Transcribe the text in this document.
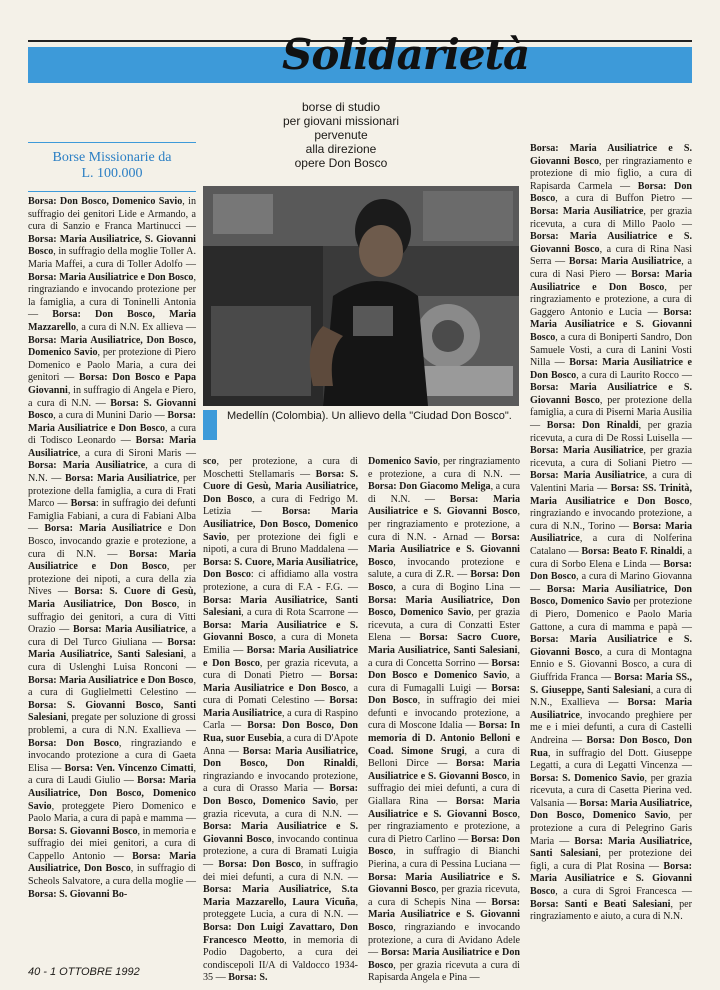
Solidarietà
borse di studio
per giovani missionari
pervenute
alla direzione
opere Don Bosco
Borse Missionarie da
L. 100.000
Borsa: Don Bosco, Domenico Savio, in suffragio dei genitori Lide e Armando, a cura di Sanzio e Franca Martinucci — Borsa: Maria Ausiliatrice, S. Giovanni Bosco, in suffragio della moglie Toller A. Maria Maffei, a cura di Toller Adolfo — Borsa: Maria Ausiliatrice e Don Bosco, ringraziando e invocando protezione per la famiglia, a cura di Toninelli Antonia — Borsa: Don Bosco, Maria Mazzarello, a cura di N.N. Ex allieva — Borsa: Maria Ausiliatrice, Don Bosco, Domenico Savio, per protezione di Piero Domenico e Paolo Maria, a cura dei genitori — Borsa: Don Bosco e Papa Giovanni, in suffragio di Angela e Piero, a cura di N.N. — Borsa: S. Giovanni Bosco, a cura di Munini Dario — Borsa: Maria Ausiliatrice e Don Bosco, a cura di Todisco Leonardo — Borsa: Maria Ausiliatrice, a cura di Sironi Maris — Borsa: Maria Ausiliatrice, a cura di N.N. — Borsa: Maria Ausiliatrice, per protezione della famiglia, a cura di Frati Marco — Borsa: in suffragio dei defunti Famiglia Fabiani, a cura di Fabiani Alba — Borsa: Maria Ausiliatrice e Don Bosco, invocando grazie e protezione, a cura di N.N. — Borsa: Maria Ausiliatrice e Don Bosco, per protezione dei nipoti, a cura della zia Nives — Borsa: S. Cuore di Gesù, Maria Ausiliatrice, Don Bosco, in suffragio dei genitori, a cura di Vitti Orazio — Borsa: Maria Ausiliatrice, a cura di Del Turco Giuliana — Borsa: Maria Ausiliatrice, Santi Salesiani, a cura di Uslenghi Luisa Ronconi — Borsa: Maria Ausiliatrice e Don Bosco, a cura di Guglielmetti Celestino — Borsa: S. Giovanni Bosco, Santi Salesiani, pregate per soluzione di grossi problemi, a cura di N.N. Exallieva — Borsa: Don Bosco, ringraziando e invocando protezione a cura di Gaeta Elisa — Borsa: Ven. Vincenzo Cimatti, a cura di Laudi Giulio — Borsa: Maria Ausiliatrice, Don Bosco, Domenico Savio, proteggete Piero Domenico e Paolo Maria, a cura di papà e mamma — Borsa: S. Giovanni Bosco, in memoria e suffragio dei miei genitori, a cura di Cappello Antonio — Borsa: Maria Ausiliatrice, Don Bosco, in suffragio di Scheols Salvatore, a cura della moglie — Borsa: S. Giovanni Bo-
sco, per protezione, a cura di Moschetti Stellamaris — Borsa: S. Cuore di Gesù, Maria Ausiliatrice, Don Bosco, a cura di Fedrigo M. Letizia — Borsa: Maria Ausiliatrice, Don Bosco, Domenico Savio, per protezione dei figli e nipoti, a cura di Bruno Maddalena — Borsa: S. Cuore, Maria Ausiliatrice, Don Bosco: ci affidiamo alla vostra protezione, a cura di F.A - F.G. — Borsa: Maria Ausiliatrice, Santi Salesiani, a cura di Rota Scarrone — Borsa: Maria Ausiliatrice e S. Giovanni Bosco, a cura di Moneta Emilia — Borsa: Maria Ausiliatrice e Don Bosco, per grazia ricevuta, a cura di Donati Pietro — Borsa: Maria Ausiliatrice e Don Bosco, a cura di Pomati Celestino — Borsa: Maria Ausiliatrice, a cura di Raspino Carla — Borsa: Don Bosco, Don Rua, suor Eusebia, a cura di D'Apote Anna — Borsa: Maria Ausiliatrice, Don Bosco, Don Rinaldi, ringraziando e invocando protezione, a cura di Orasso Maria — Borsa: Don Bosco, Domenico Savio, per grazia ricevuta, a cura di N.N. — Borsa: Maria Ausiliatrice e S. Giovanni Bosco, invocando continua protezione, a cura di Bramati Luigia — Borsa: Don Bosco, in suffragio dei miei defunti, a cura di N.N. — Borsa: Maria Ausiliatrice, S.ta Maria Mazzarello, Laura Vicuña, proteggete Lucia, a cura di N.N. — Borsa: Don Luigi Zavattaro, Don Francesco Meotto, in memoria di Podio Dagoberto, a cura dei condiscepoli II/A di Valdocco 1934-35 — Borsa: S.
Domenico Savio, per ringraziamento e protezione, a cura di N.N. — Borsa: Don Giacomo Meliga, a cura di N.N. — Borsa: Maria Ausiliatrice e S. Giovanni Bosco, per ringraziamento e protezione, a cura di N.N. - Arnad — Borsa: Maria Ausiliatrice e S. Giovanni Bosco, invocando protezione e salute, a cura di Z.R. — Borsa: Don Bosco, a cura di Bogino Lina — Borsa: Maria Ausiliatrice, Don Bosco, Domenico Savio, per grazia ricevuta, a cura di Conzatti Ester Elena — Borsa: Sacro Cuore, Maria Ausiliatrice, Santi Salesiani, a cura di Concetta Sorrino — Borsa: Don Bosco e Domenico Savio, a cura di Fumagalli Luigi — Borsa: Don Bosco, in suffragio dei miei defunti e invocando protezione, a cura di Moscone Idalia — Borsa: In memoria di D. Antonio Belloni e Coad. Simone Srugi, a cura di Belloni Dirce — Borsa: Maria Ausiliatrice e S. Giovanni Bosco, in suffragio dei miei defunti, a cura di Giallara Rina — Borsa: Maria Ausiliatrice e S. Giovanni Bosco, per ringraziamento e protezione, a cura di Pietro Carlino — Borsa: Don Bosco, in suffragio di Bianchi Pierina, a cura di Pessina Luciana — Borsa: Maria Ausiliatrice e S. Giovanni Bosco, per grazia ricevuta, a cura di Schepis Nina — Borsa: Maria Ausiliatrice e S. Giovanni Bosco, ringraziando e invocando protezione, a cura di Avidano Adele — Borsa: Maria Ausiliatrice e Don Bosco, per grazia ricevuta a cura di Rapisarda Angela e Pina —
Borsa: Maria Ausiliatrice e S. Giovanni Bosco, per ringraziamento e protezione di mio figlio, a cura di Rapisarda Carmela — Borsa: Don Bosco, a cura di Buffon Pietro — Borsa: Maria Ausiliatrice, per grazia ricevuta, a cura di Millo Paolo — Borsa: Maria Ausiliatrice e S. Giovanni Bosco, a cura di Rina Nasi Serra — Borsa: Maria Ausiliatrice, a cura di Nasi Piero — Borsa: Maria Ausiliatrice e Don Bosco, per ringraziamento e protezione, a cura di Gaggero Antonio e Lucia — Borsa: Maria Ausiliatrice e S. Giovanni Bosco, a cura di Boniperti Sandro, Don Samuele Vosti, a cura di Lanini Vosti Nilla — Borsa: Maria Ausiliatrice e Don Bosco, a cura di Laurito Rocco — Borsa: Maria Ausiliatrice e S. Giovanni Bosco, per protezione della famiglia, a cura di Piserni Maria Ausilia — Borsa: Don Rinaldi, per grazia ricevuta, a cura di De Rossi Luisella — Borsa: Maria Ausiliatrice, per grazia ricevuta, a cura di Soliani Pietro — Borsa: Maria Ausiliatrice, a cura di Valentini Maria — Borsa: SS. Trinità, Maria Ausiliatrice e Don Bosco, ringraziando e invocando protezione, a cura di N.N., Torino — Borsa: Maria Ausiliatrice, a cura di Nolferina Catalano — Borsa: Beato F. Rinaldi, a cura di Sorbo Elena e Linda — Borsa: Don Bosco, a cura di Marino Giovanna — Borsa: Maria Ausiliatrice, Don Bosco, Domenico Savio per protezione di Piero, Domenico e Paolo Maria Gattone, a cura di mamma e papà — Borsa: Maria Ausiliatrice e S. Giovanni Bosco, a cura di Montagna Ennio e S. Giovanni Bosco, a cura di Giuffrida Franca — Borsa: Maria SS., S. Giuseppe, Santi Salesiani, a cura di N.N., Exallieva — Borsa: Maria Ausiliatrice, invocando preghiere per me e i miei defunti, a cura di Castelli Andreina — Borsa: Don Bosco, Don Rua, in suffragio del Dott. Giuseppe Legatti, a cura di Legatti Vincenza — Borsa: S. Domenico Savio, per grazia ricevuta, a cura di Casetta Pierina ved. Valsania — Borsa: Maria Ausiliatrice, Don Bosco, Domenico Savio, per protezione a cura di Pelegrino Garis Maria — Borsa: Maria Ausiliatrice, Santi Salesiani, per protezione dei figli, a cura di Plat Rosina — Borsa: Maria Ausiliatrice e S. Giovanni Bosco, a cura di Sgroi Francesca — Borsa: Santi e Beati Salesiani, per ringraziamento e aiuto, a cura di N.N.
Medellín (Colombia). Un allievo della "Ciudad Don Bosco".
40 - 1 OTTOBRE 1992
